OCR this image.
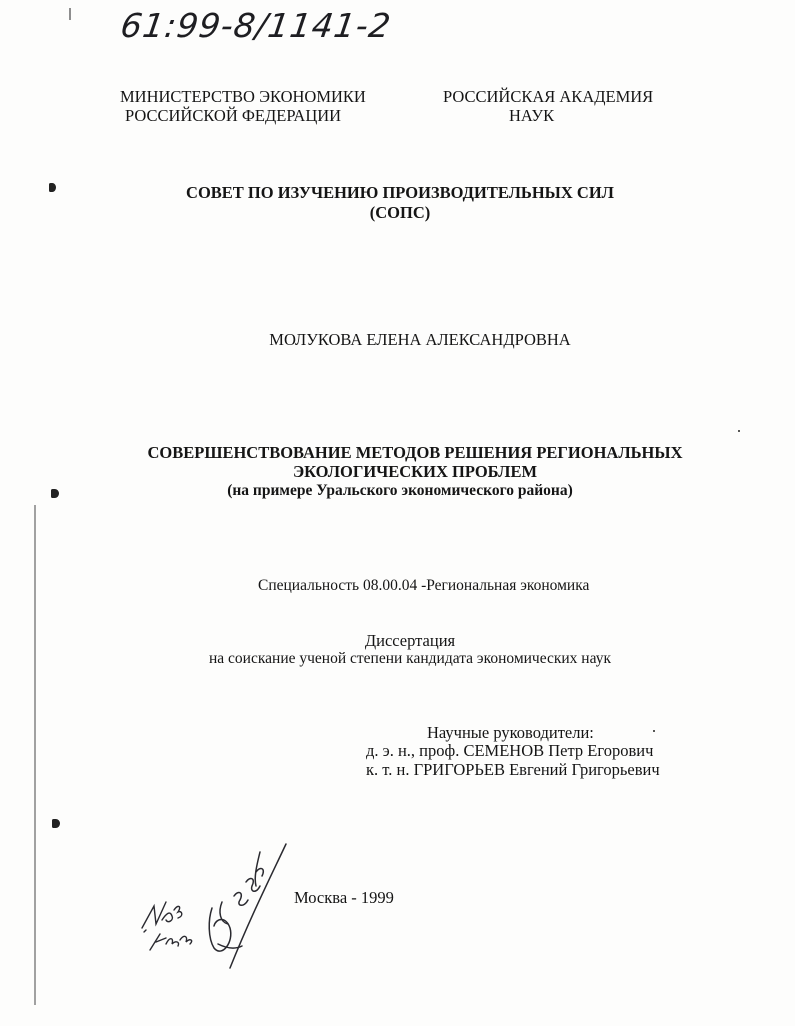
61:99-8/1141-2
МИНИСТЕРСТВО ЭКОНОМИКИ
РОССИЙСКОЙ ФЕДЕРАЦИИ
РОССИЙСКАЯ АКАДЕМИЯ
НАУК
СОВЕТ ПО ИЗУЧЕНИЮ ПРОИЗВОДИТЕЛЬНЫХ СИЛ
(СОПС)
МОЛУКОВА ЕЛЕНА АЛЕКСАНДРОВНА
СОВЕРШЕНСТВОВАНИЕ МЕТОДОВ РЕШЕНИЯ РЕГИОНАЛЬНЫХ
ЭКОЛОГИЧЕСКИХ ПРОБЛЕМ
(на примере Уральского экономического района)
Специальность 08.00.04 -Региональная экономика
Диссертация
на соискание ученой степени кандидата экономических наук
Научные руководители:
д. э. н., проф. СЕМЕНОВ Петр Егорович
к. т. н. ГРИГОРЬЕВ Евгений Григорьевич
Москва - 1999
